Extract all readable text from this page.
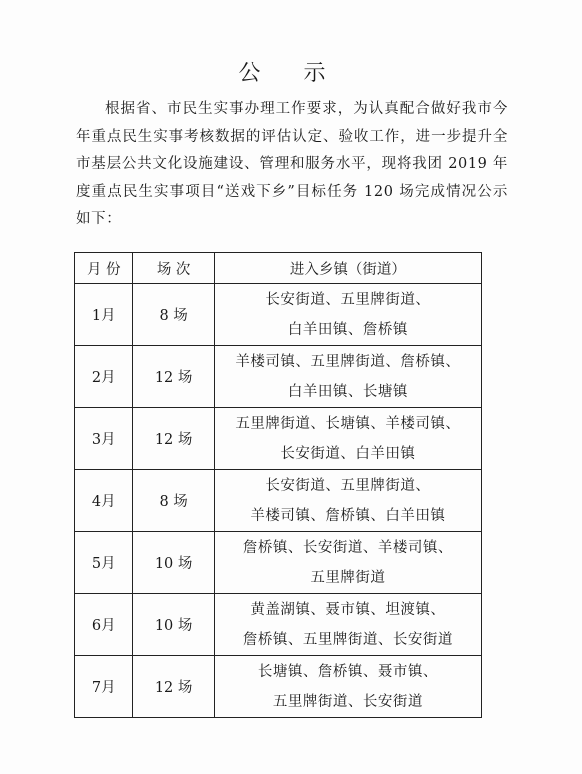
公 示

根据省、市民生实事办理工作要求，为认真配合做好我市今年重点民生实事考核数据的评估认定、验收工作，进一步提升全市基层公共文化设施建设、管理和服务水平，现将我团 2019 年度重点民生实事项目“送戏下乡”目标任务 120 场完成情况公示如下：

月 份	场 次	进入乡镇（街道）
1月	8 场	长安街道、五里牌街道、
白羊田镇、詹桥镇

2月	12 场	羊楼司镇、五里牌街道、詹桥镇、
白羊田镇、长塘镇

3月	12 场	五里牌街道、长塘镇、羊楼司镇、
长安街道、白羊田镇

4月	8 场	长安街道、五里牌街道、
羊楼司镇、詹桥镇、白羊田镇

5月	10 场	詹桥镇、长安街道、羊楼司镇、
五里牌街道

6月	10 场	黄盖湖镇、聂市镇、坦渡镇、
詹桥镇、五里牌街道、长安街道

7月	12 场	长塘镇、詹桥镇、聂市镇、
五里牌街道、长安街道
